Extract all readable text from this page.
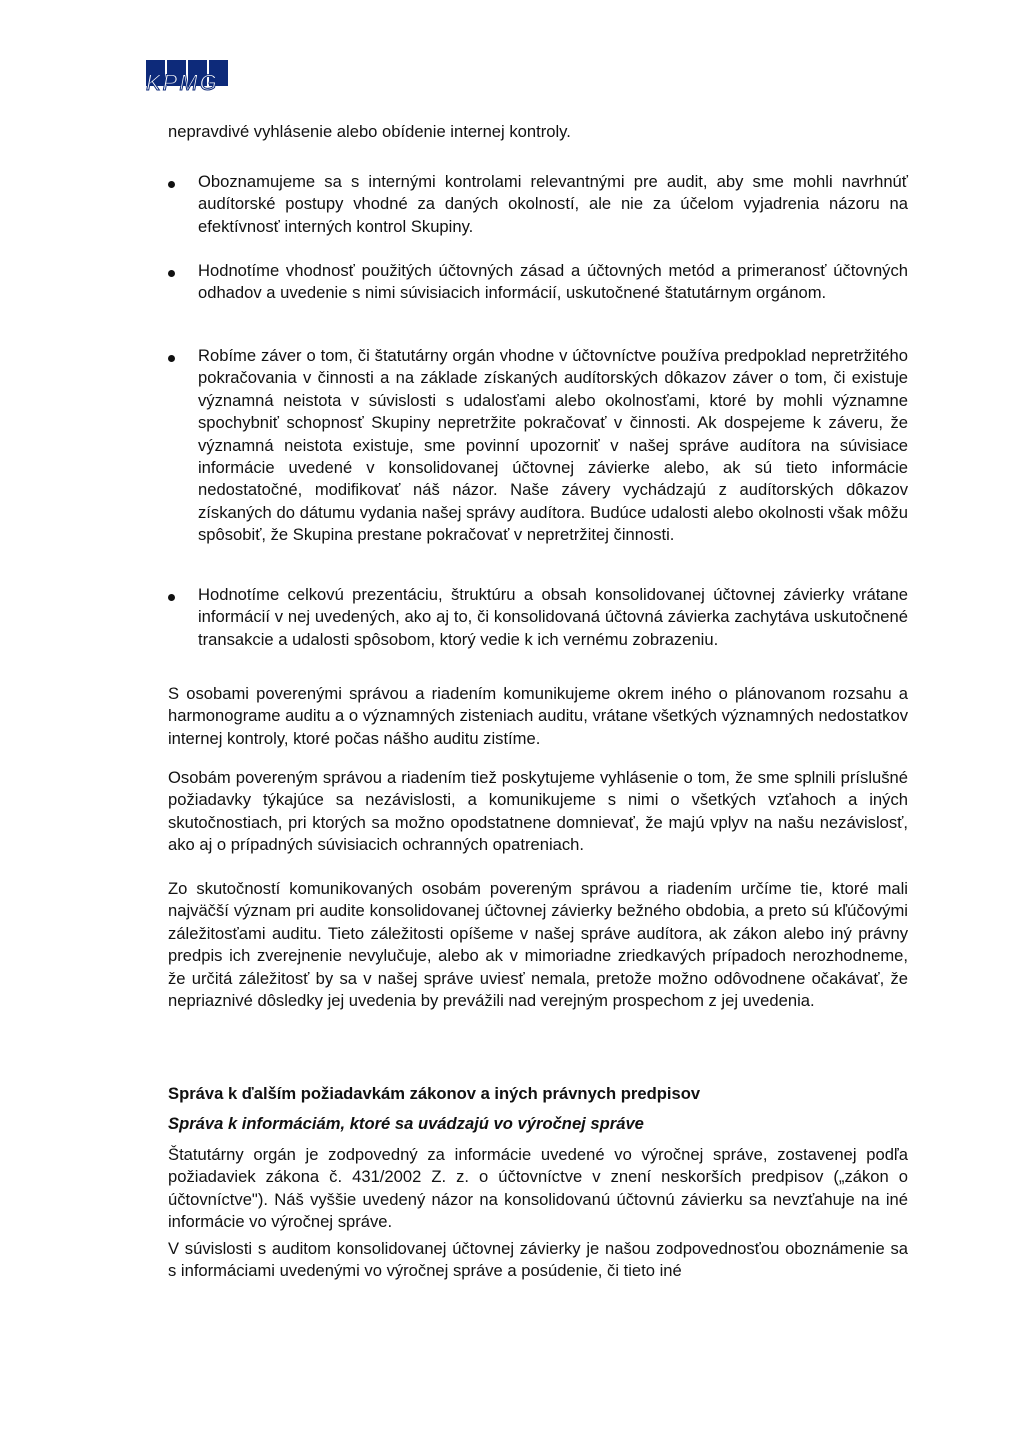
KPMG

nepravdivé vyhlásenie alebo obídenie internej kontroly.

Oboznamujeme sa s internými kontrolami relevantnými pre audit, aby sme mohli navrhnúť audítorské postupy vhodné za daných okolností, ale nie za účelom vyjadrenia názoru na efektívnosť interných kontrol Skupiny.
Hodnotíme vhodnosť použitých účtovných zásad a účtovných metód a primeranosť účtovných odhadov a uvedenie s nimi súvisiacich informácií, uskutočnené štatutárnym orgánom.
Robíme záver o tom, či štatutárny orgán vhodne v účtovníctve používa predpoklad nepretržitého pokračovania v činnosti a na základe získaných audítorských dôkazov záver o tom, či existuje významná neistota v súvislosti s udalosťami alebo okolnosťami, ktoré by mohli významne spochybniť schopnosť Skupiny nepretržite pokračovať v činnosti. Ak dospejeme k záveru, že významná neistota existuje, sme povinní upozorniť v našej správe audítora na súvisiace informácie uvedené v konsolidovanej účtovnej závierke alebo, ak sú tieto informácie nedostatočné, modifikovať náš názor. Naše závery vychádzajú z audítorských dôkazov získaných do dátumu vydania našej správy audítora. Budúce udalosti alebo okolnosti však môžu spôsobiť, že Skupina prestane pokračovať v nepretržitej činnosti.
Hodnotíme celkovú prezentáciu, štruktúru a obsah konsolidovanej účtovnej závierky vrátane informácií v nej uvedených, ako aj to, či konsolidovaná účtovná závierka zachytáva uskutočnené transakcie a udalosti spôsobom, ktorý vedie k ich vernému zobrazeniu.

S osobami poverenými správou a riadením komunikujeme okrem iného o plánovanom rozsahu a harmonograme auditu a o významných zisteniach auditu, vrátane všetkých významných nedostatkov internej kontroly, ktoré počas nášho auditu zistíme.

Osobám povereným správou a riadením tiež poskytujeme vyhlásenie o tom, že sme splnili príslušné požiadavky týkajúce sa nezávislosti, a komunikujeme s nimi o všetkých vzťahoch a iných skutočnostiach, pri ktorých sa možno opodstatnene domnievať, že majú vplyv na našu nezávislosť, ako aj o prípadných súvisiacich ochranných opatreniach.

Zo skutočností komunikovaných osobám povereným správou a riadením určíme tie, ktoré mali najväčší význam pri audite konsolidovanej účtovnej závierky bežného obdobia, a preto sú kľúčovými záležitosťami auditu. Tieto záležitosti opíšeme v našej správe audítora, ak zákon alebo iný právny predpis ich zverejnenie nevylučuje, alebo ak v mimoriadne zriedkavých prípadoch nerozhodneme, že určitá záležitosť by sa v našej správe uviesť nemala, pretože možno odôvodnene očakávať, že nepriaznivé dôsledky jej uvedenia by prevážili nad verejným prospechom z jej uvedenia.

Správa k ďalším požiadavkám zákonov a iných právnych predpisov
Správa k informáciám, ktoré sa uvádzajú vo výročnej správe

Štatutárny orgán je zodpovedný za informácie uvedené vo výročnej správe, zostavenej podľa požiadaviek zákona č. 431/2002 Z. z. o účtovníctve v znení neskorších predpisov („zákon o účtovníctve"). Náš vyššie uvedený názor na konsolidovanú účtovnú závierku sa nevzťahuje na iné informácie vo výročnej správe.

V súvislosti s auditom konsolidovanej účtovnej závierky je našou zodpovednosťou oboznámenie sa s informáciami uvedenými vo výročnej správe a posúdenie, či tieto iné
